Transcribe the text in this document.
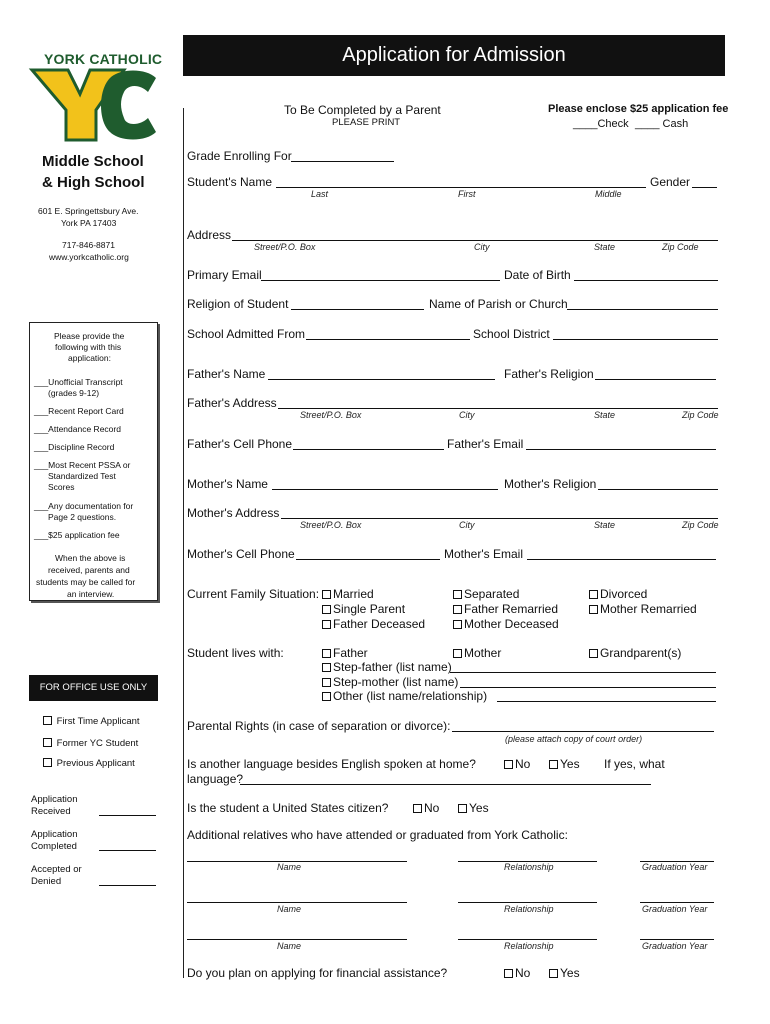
YORK CATHOLIC
Middle School
& High School
601 E. Springettsbury Ave.
York PA 17403
717-846-8871
www.yorkcatholic.org
Please provide the
following with this
application:
___Unofficial Transcript
(grades 9-12)
___Recent Report Card
___Attendance Record
___Discipline Record
___Most Recent PSSA or
Standardized Test
Scores
___Any documentation for
Page 2 questions.
___$25 application fee
When the above is
received, parents and
students may be called for
an interview.
FOR OFFICE USE ONLY
First Time Applicant
Former YC Student
Previous Applicant
Application
Received
Application
Completed
Accepted or
Denied
Application for Admission
To Be Completed by a Parent
PLEASE PRINT
Please enclose $25 application fee
____Check ____ Cash
Grade Enrolling For
Student's Name	Gender
Last	First	Middle
Address
Street/P.O. Box	City	State	Zip Code
Primary Email	Date of Birth
Religion of Student	Name of Parish or Church
School Admitted From	School District
Father's Name	Father's Religion
Father's Address
Street/P.O. Box	City	State	Zip Code
Father's Cell Phone	Father's Email
Mother's Name	Mother's Religion
Mother's Address
Street/P.O. Box	City	State	Zip Code
Mother's Cell Phone	Mother's Email
Current Family Situation:	Married	Separated	Divorced
Single Parent	Father Remarried	Mother Remarried
Father Deceased	Mother Deceased
Student lives with:	Father	Mother	Grandparent(s)
Step-father (list name)
Step-mother (list name)
Other (list name/relationship)
Parental Rights (in case of separation or divorce):
(please attach copy of court order)
Is another language besides English spoken at home?	No	Yes If yes, what
language?
Is the student a United States citizen?	No	Yes
Additional relatives who have attended or graduated from York Catholic:
Name	Relationship	Graduation Year
Name	Relationship	Graduation Year
Name	Relationship	Graduation Year
Do you plan on applying for financial assistance?	No	Yes
